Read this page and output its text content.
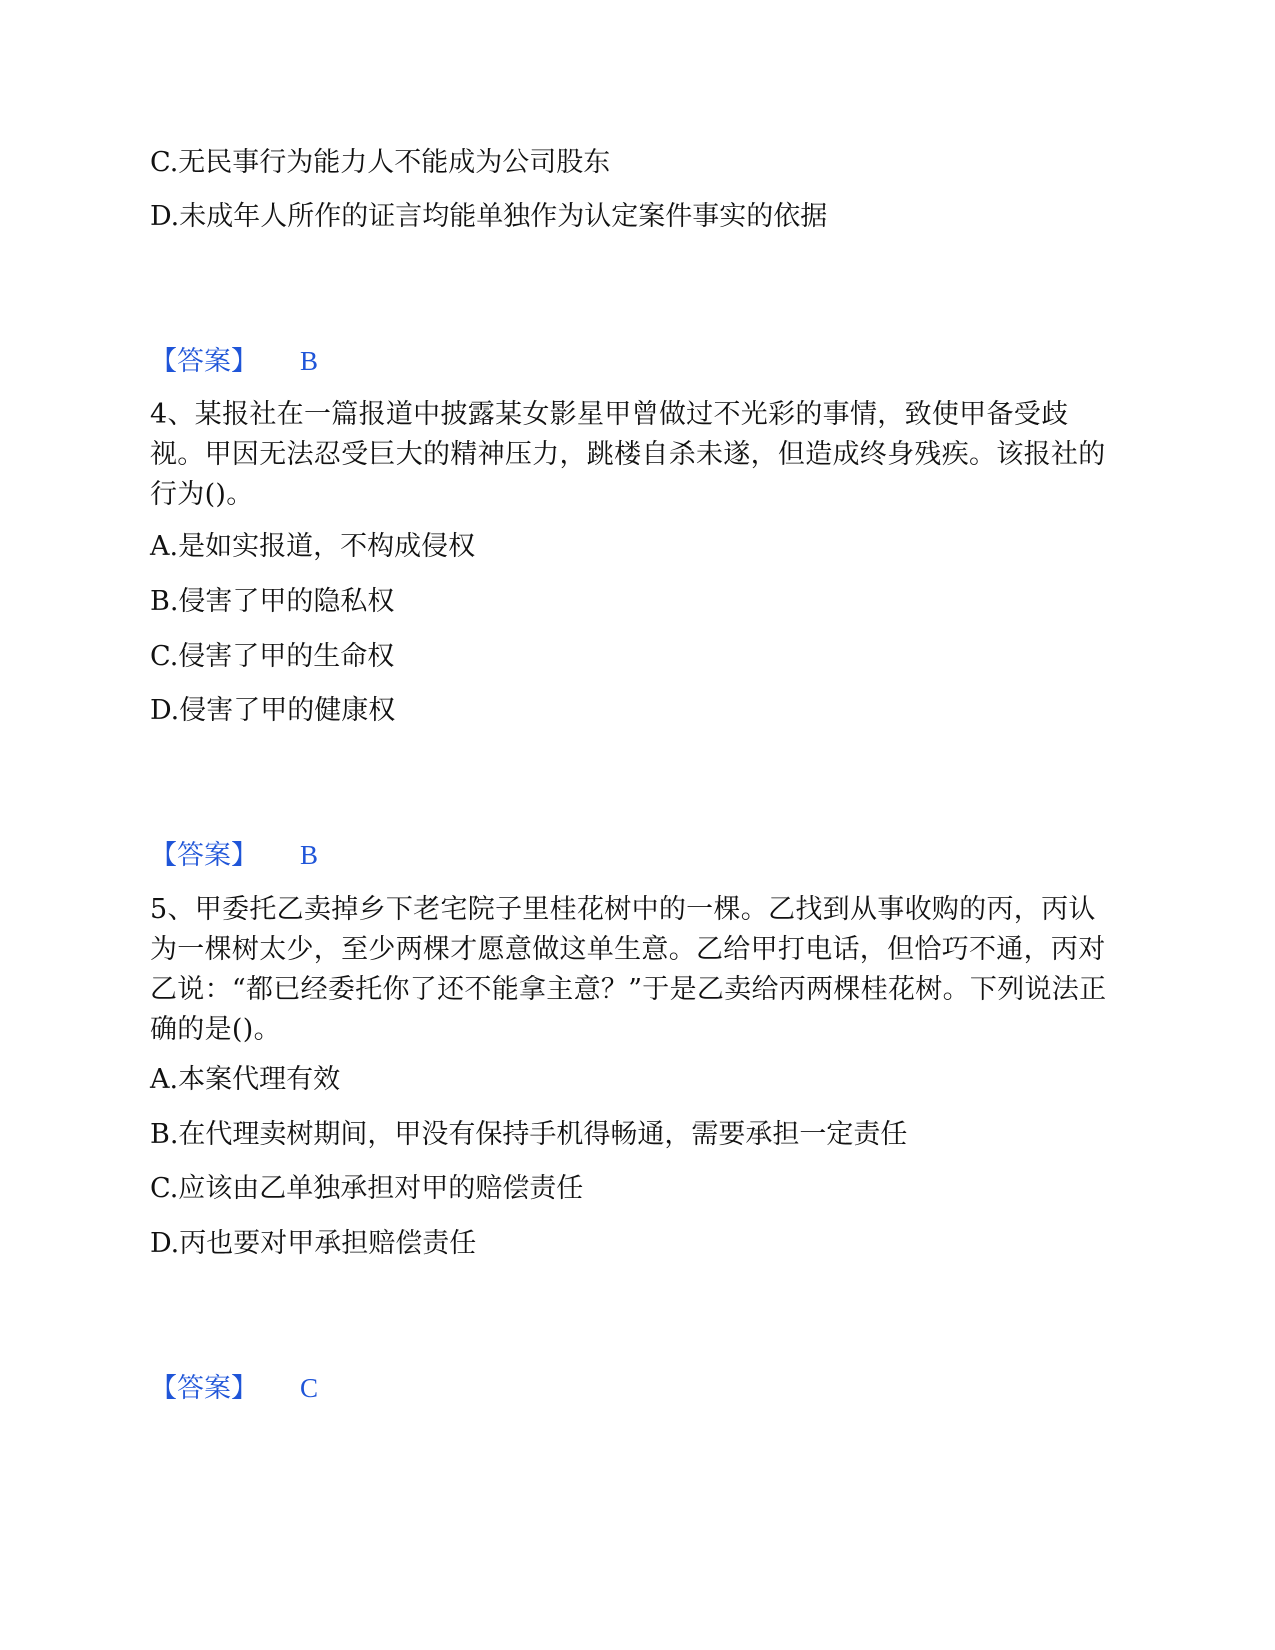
C.无民事行为能力人不能成为公司股东
D.未成年人所作的证言均能单独作为认定案件事实的依据
【答案】 B
4、某报社在一篇报道中披露某女影星甲曾做过不光彩的事情，致使甲备受歧视。甲因无法忍受巨大的精神压力，跳楼自杀未遂，但造成终身残疾。该报社的行为()。
A.是如实报道，不构成侵权
B.侵害了甲的隐私权
C.侵害了甲的生命权
D.侵害了甲的健康权
【答案】 B
5、甲委托乙卖掉乡下老宅院子里桂花树中的一棵。乙找到从事收购的丙，丙认为一棵树太少，至少两棵才愿意做这单生意。乙给甲打电话，但恰巧不通，丙对乙说：“都已经委托你了还不能拿主意？”于是乙卖给丙两棵桂花树。下列说法正确的是()。
A.本案代理有效
B.在代理卖树期间，甲没有保持手机得畅通，需要承担一定责任
C.应该由乙单独承担对甲的赔偿责任
D.丙也要对甲承担赔偿责任
【答案】 C
